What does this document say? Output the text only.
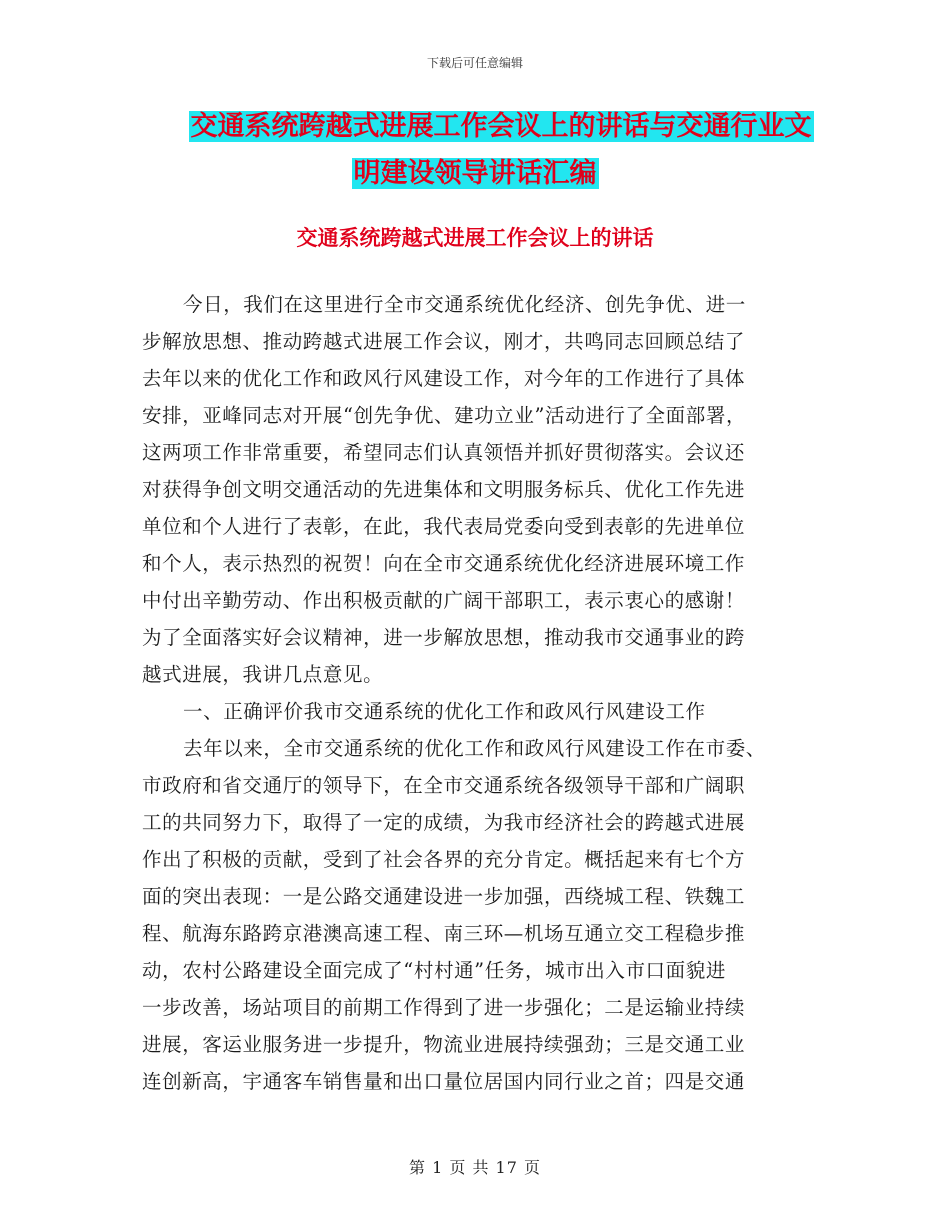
下载后可任意编辑
交通系统跨越式进展工作会议上的讲话与交通行业文
明建设领导讲话汇编
交通系统跨越式进展工作会议上的讲话
今日，我们在这里进行全市交通系统优化经济、创先争优、进一
步解放思想、推动跨越式进展工作会议，刚才，共鸣同志回顾总结了
去年以来的优化工作和政风行风建设工作，对今年的工作进行了具体
安排，亚峰同志对开展“创先争优、建功立业”活动进行了全面部署，
这两项工作非常重要，希望同志们认真领悟并抓好贯彻落实。会议还
对获得争创文明交通活动的先进集体和文明服务标兵、优化工作先进
单位和个人进行了表彰，在此，我代表局党委向受到表彰的先进单位
和个人，表示热烈的祝贺！向在全市交通系统优化经济进展环境工作
中付出辛勤劳动、作出积极贡献的广阔干部职工，表示衷心的感谢！
为了全面落实好会议精神，进一步解放思想，推动我市交通事业的跨
越式进展，我讲几点意见。
一、正确评价我市交通系统的优化工作和政风行风建设工作
去年以来，全市交通系统的优化工作和政风行风建设工作在市委、
市政府和省交通厅的领导下，在全市交通系统各级领导干部和广阔职
工的共同努力下，取得了一定的成绩，为我市经济社会的跨越式进展
作出了积极的贡献，受到了社会各界的充分肯定。概括起来有七个方
面的突出表现：一是公路交通建设进一步加强，西绕城工程、铁魏工
程、航海东路跨京港澳高速工程、南三环—机场互通立交工程稳步推
动，农村公路建设全面完成了“村村通”任务，城市出入市口面貌进
一步改善，场站项目的前期工作得到了进一步强化；二是运输业持续
进展，客运业服务进一步提升，物流业进展持续强劲；三是交通工业
连创新高，宇通客车销售量和出口量位居国内同行业之首；四是交通
第 1 页 共 17 页
